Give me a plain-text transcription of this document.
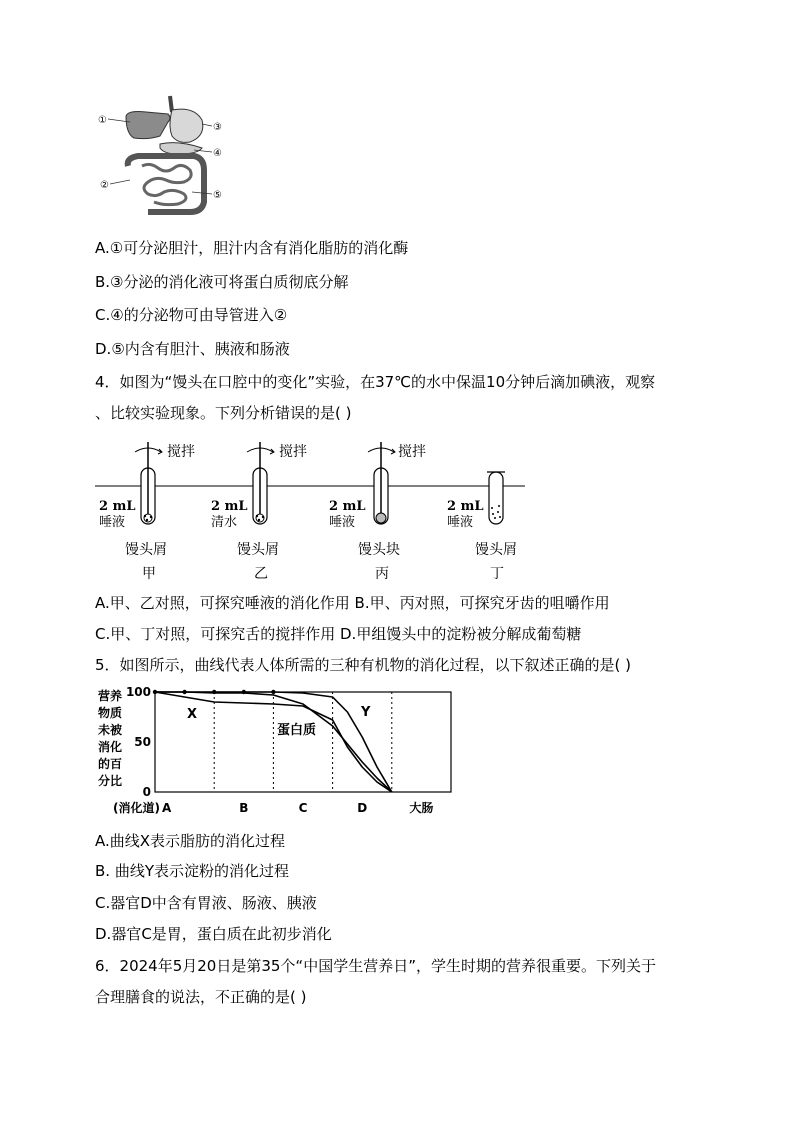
①
②
③
④
⑤
A.①可分泌胆汁，胆汁内含有消化脂肪的消化酶
B.③分泌的消化液可将蛋白质彻底分解
C.④的分泌物可由导管进入②
D.⑤内含有胆汁、胰液和肠液
4．如图为“馒头在口腔中的变化”实验，在37℃的水中保温10分钟后滴加碘液，观察
、比较实验现象。下列分析错误的是( )
搅拌	搅拌	搅拌
2 mL
唾液
2 mL
清水
2 mL
唾液
2 mL
唾液
馒头屑	馒头屑	馒头块	馒头屑
甲	乙	丙	丁
A.甲、乙对照，可探究唾液的消化作用 B.甲、丙对照，可探究牙齿的咀嚼作用
C.甲、丁对照，可探究舌的搅拌作用 D.甲组馒头中的淀粉被分解成葡萄糖
5．如图所示，曲线代表人体所需的三种有机物的消化过程，以下叙述正确的是( )
营养
物质
未被
消化
的百
分比
100
50
0
A	B	C	D	大肠
(消化道)
X
蛋白质
Y
A.曲线X表示脂肪的消化过程
B. 曲线Y表示淀粉的消化过程
C.器官D中含有胃液、肠液、胰液
D.器官C是胃，蛋白质在此初步消化
6．2024年5月20日是第35个“中国学生营养日”，学生时期的营养很重要。下列关于
合理膳食的说法，不正确的是( )
